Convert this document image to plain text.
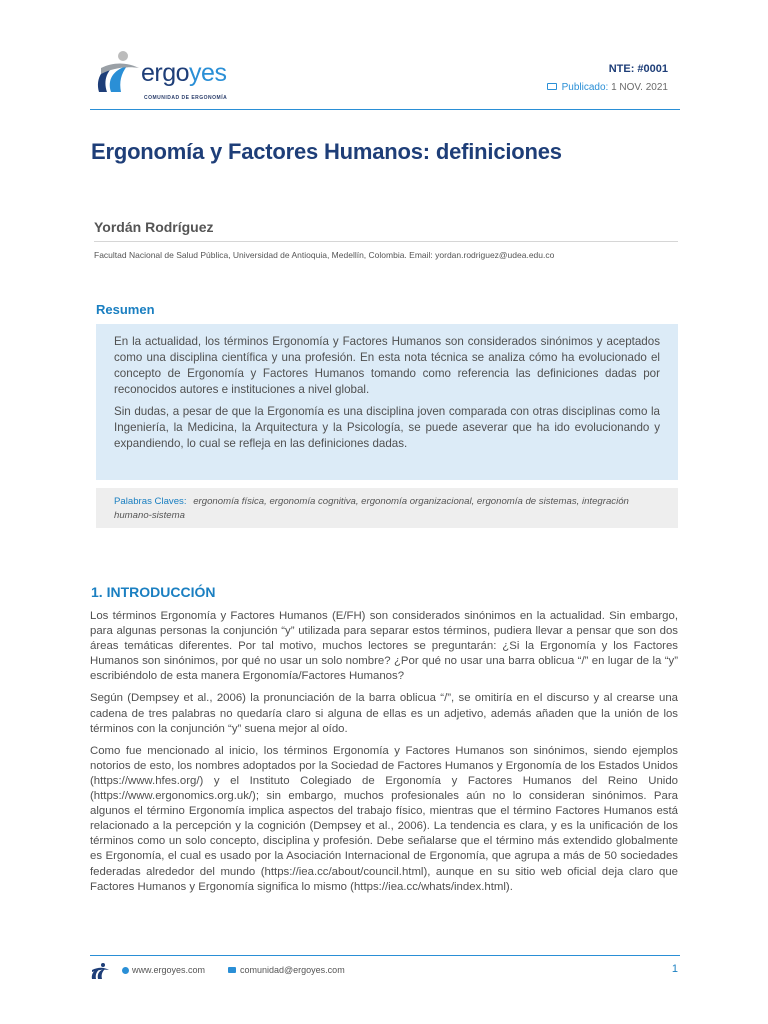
ergoyes
COMUNIDAD DE ERGONOMÍA
NTE: #0001
Publicado: 1 NOV. 2021
Ergonomía y Factores Humanos: definiciones
Yordán Rodríguez
Facultad Nacional de Salud Pública, Universidad de Antioquia, Medellín, Colombia. Email: yordan.rodriguez@udea.edu.co
Resumen

En la actualidad, los términos Ergonomía y Factores Humanos son considerados sinónimos y aceptados como una disciplina científica y una profesión. En esta nota técnica se analiza cómo ha evolucionado el concepto de Ergonomía y Factores Humanos tomando como referencia las definiciones dadas por reconocidos autores e instituciones a nivel global.

Sin dudas, a pesar de que la Ergonomía es una disciplina joven comparada con otras disciplinas como la Ingeniería, la Medicina, la Arquitectura y la Psicología, se puede aseverar que ha ido evolucionando y expandiendo, lo cual se refleja en las definiciones dadas.

Palabras Claves: ergonomía física, ergonomía cognitiva, ergonomía organizacional, ergonomía de sistemas, integración humano-sistema
1. INTRODUCCIÓN

Los términos Ergonomía y Factores Humanos (E/FH) son considerados sinónimos en la actualidad. Sin embargo, para algunas personas la conjunción “y” utilizada para separar estos términos, pudiera llevar a pensar que son dos áreas temáticas diferentes. Por tal motivo, muchos lectores se preguntarán: ¿Si la Ergonomía y los Factores Humanos son sinónimos, por qué no usar un solo nombre? ¿Por qué no usar una barra oblicua “/” en lugar de la “y” escribiéndolo de esta manera Ergonomía/Factores Humanos?

Según (Dempsey et al., 2006) la pronunciación de la barra oblicua “/”, se omitiría en el discurso y al crearse una cadena de tres palabras no quedaría claro si alguna de ellas es un adjetivo, además añaden que la unión de los términos con la conjunción “y” suena mejor al oído.

Como fue mencionado al inicio, los términos Ergonomía y Factores Humanos son sinónimos, siendo ejemplos notorios de esto, los nombres adoptados por la Sociedad de Factores Humanos y Ergonomía de los Estados Unidos (https://www.hfes.org/) y el Instituto Colegiado de Ergonomía y Factores Humanos del Reino Unido (https://www.ergonomics.org.uk/); sin embargo, muchos profesionales aún no lo consideran sinónimos. Para algunos el término Ergonomía implica aspectos del trabajo físico, mientras que el término Factores Humanos está relacionado a la percepción y la cognición (Dempsey et al., 2006). La tendencia es clara, y es la unificación de los términos como un solo concepto, disciplina y profesión. Debe señalarse que el término más extendido globalmente es Ergonomía, el cual es usado por la Asociación Internacional de Ergonomía, que agrupa a más de 50 sociedades federadas alrededor del mundo (https://iea.cc/about/council.html), aunque en su sitio web oficial deja claro que Factores Humanos y Ergonomía significa lo mismo (https://iea.cc/whats/index.html).

www.ergoyes.com	comunidad@ergoyes.com	1
